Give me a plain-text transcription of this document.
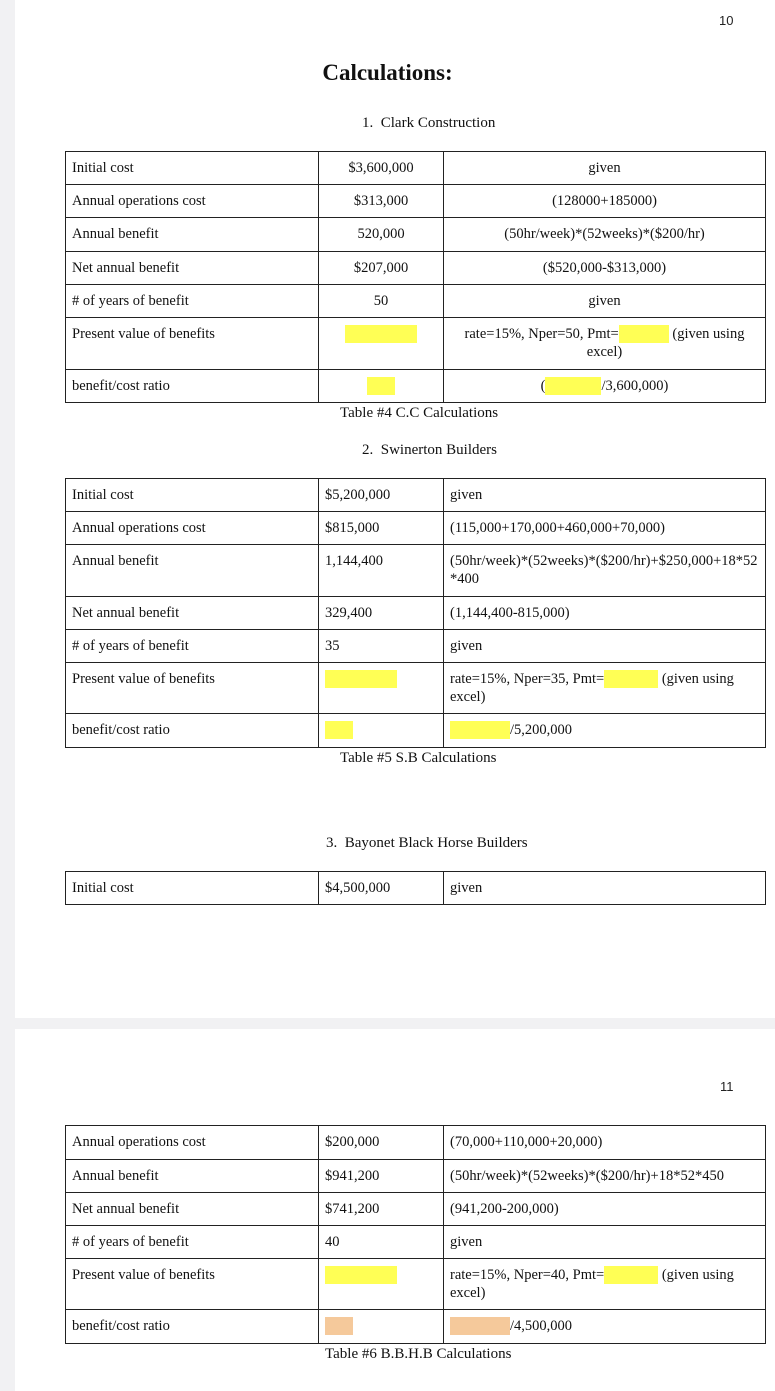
10
Calculations:
1.  Clark Construction
Initial cost	$3,600,000	given
Annual operations cost	$313,000	(128000+185000)
Annual benefit	520,000	(50hr/week)*(52weeks)*($200/hr)
Net annual benefit	$207,000	($520,000-$313,000)
# of years of benefit	50	given
Present value of benefits		rate=15%, Nper=50, Pmt= (given using excel)
benefit/cost ratio		( /3,600,000)
Table #4 C.C Calculations
2.  Swinerton Builders
Initial cost	$5,200,000	given
Annual operations cost	$815,000	(115,000+170,000+460,000+70,000)
Annual benefit	1,144,400	(50hr/week)*(52weeks)*($200/hr)+$250,000+18*52*400
Net annual benefit	329,400	(1,144,400-815,000)
# of years of benefit	35	given
Present value of benefits		rate=15%, Nper=35, Pmt= (given using excel)
benefit/cost ratio		/5,200,000
Table #5 S.B Calculations
3.  Bayonet Black Horse Builders
Initial cost	$4,500,000	given
11
Annual operations cost	$200,000	(70,000+110,000+20,000)
Annual benefit	$941,200	(50hr/week)*(52weeks)*($200/hr)+18*52*450
Net annual benefit	$741,200	(941,200-200,000)
# of years of benefit	40	given
Present value of benefits		rate=15%, Nper=40, Pmt= (given using excel)
benefit/cost ratio		/4,500,000
Table #6 B.B.H.B Calculations
